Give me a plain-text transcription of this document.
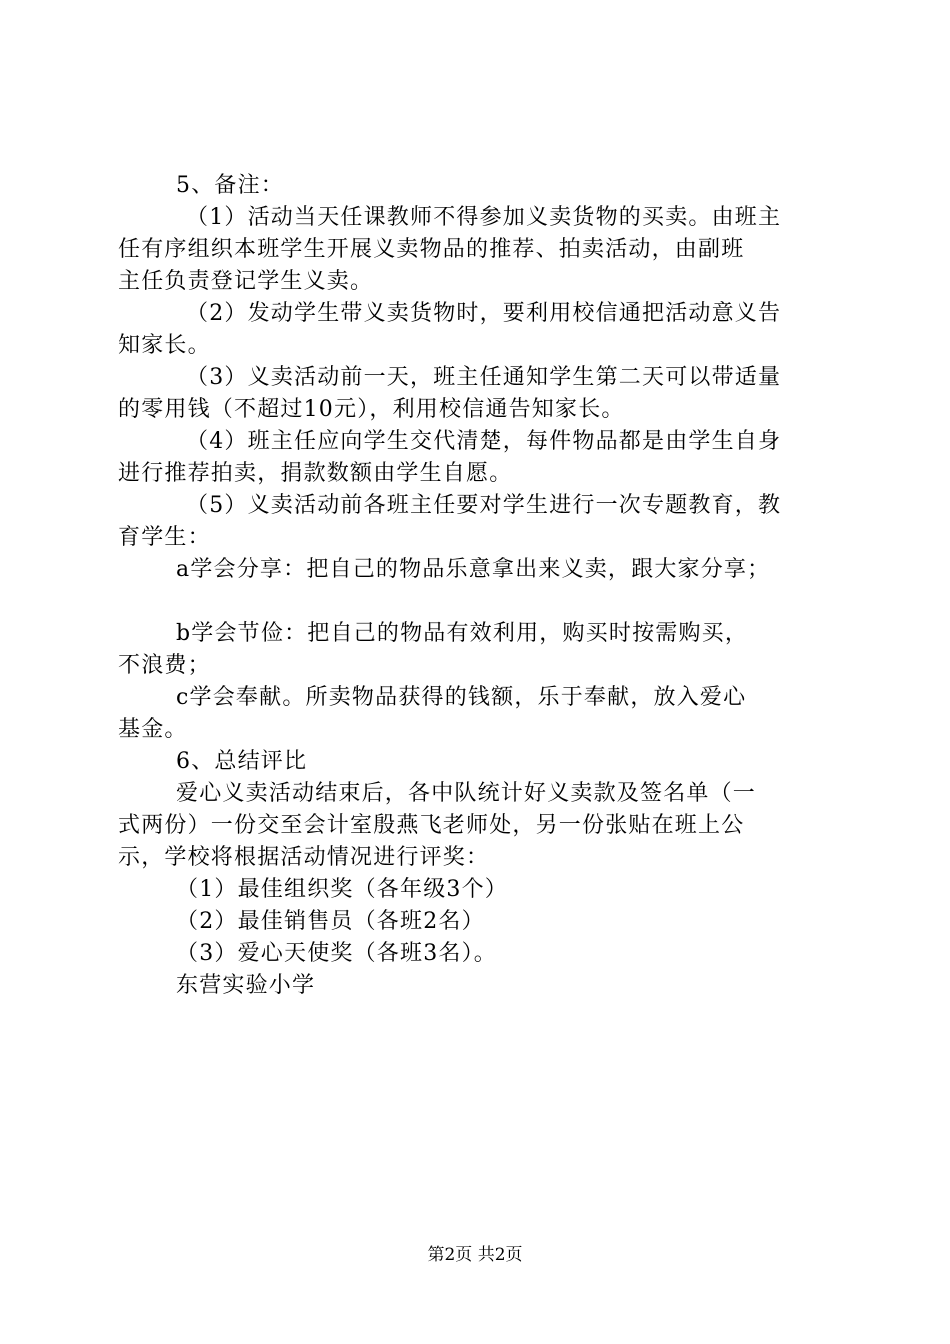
5、备注：
（1）活动当天任课教师不得参加义卖货物的买卖。由班主
任有序组织本班学生开展义卖物品的推荐、拍卖活动，由副班
主任负责登记学生义卖。
（2）发动学生带义卖货物时，要利用校信通把活动意义告
知家长。
（3）义卖活动前一天，班主任通知学生第二天可以带适量
的零用钱（不超过10元），利用校信通告知家长。
（4）班主任应向学生交代清楚，每件物品都是由学生自身
进行推荐拍卖，捐款数额由学生自愿。
（5）义卖活动前各班主任要对学生进行一次专题教育，教
育学生：
a学会分享：把自己的物品乐意拿出来义卖，跟大家分享；
b学会节俭：把自己的物品有效利用，购买时按需购买，
不浪费；
c学会奉献。所卖物品获得的钱额，乐于奉献，放入爱心
基金。
6、总结评比
爱心义卖活动结束后，各中队统计好义卖款及签名单（一
式两份）一份交至会计室殷燕飞老师处，另一份张贴在班上公
示，学校将根据活动情况进行评奖：
（1）最佳组织奖（各年级3个）
（2）最佳销售员（各班2名）
（3）爱心天使奖（各班3名）。
东营实验小学
第2页 共2页
